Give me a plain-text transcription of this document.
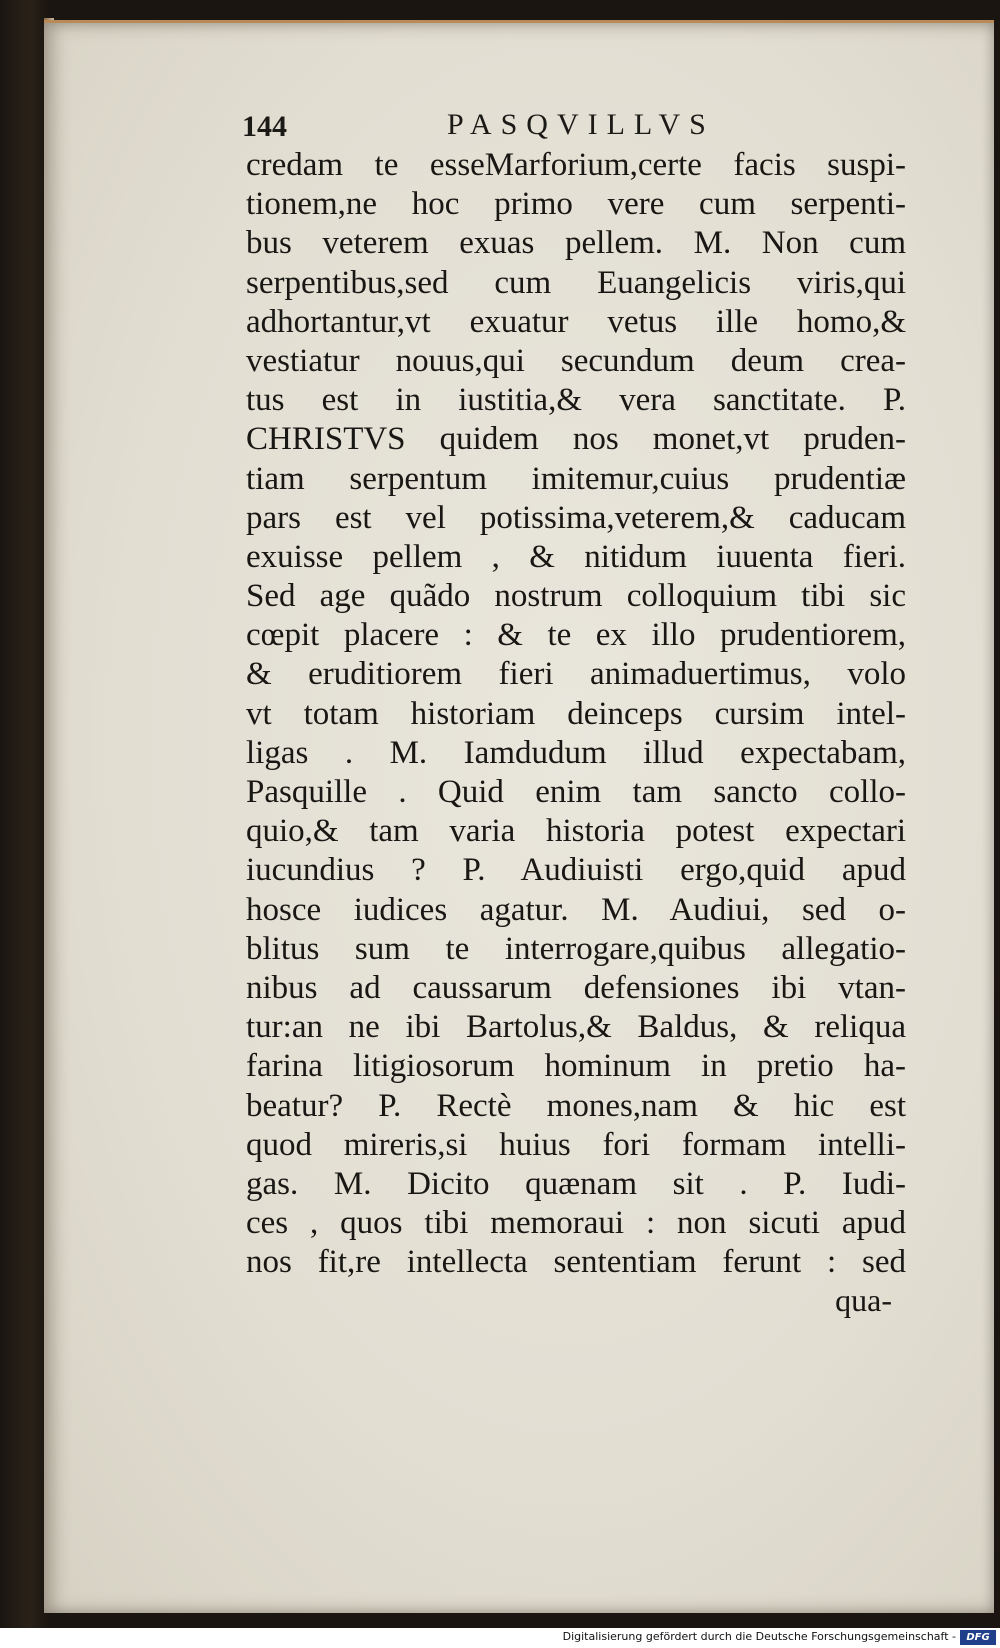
144	PASQVILLVS
credam te esseMarforium,certe facis suspi-
tionem,ne hoc primo vere cum serpenti-
bus veterem exuas pellem. M. Non cum
serpentibus,sed cum Euangelicis viris,qui
adhortantur,vt exuatur vetus ille homo,&
vestiatur nouus,qui secundum deum crea-
tus est in iustitia,& vera sanctitate. P.
CHRISTVS quidem nos monet,vt pruden-
tiam serpentum imitemur,cuius prudentiæ
pars est vel potissima,veterem,& caducam
exuisse pellem , & nitidum iuuenta fieri.
Sed age quãdo nostrum colloquium tibi sic
cœpit placere : & te ex illo prudentiorem,
& eruditiorem fieri animaduertimus, volo
vt totam historiam deinceps cursim intel-
ligas . M. Iamdudum illud expectabam,
Pasquille . Quid enim tam sancto collo-
quio,& tam varia historia potest expectari
iucundius ? P. Audiuisti ergo,quid apud
hosce iudices agatur. M. Audiui, sed o-
blitus sum te interrogare,quibus allegatio-
nibus ad caussarum defensiones ibi vtan-
tur:an ne ibi Bartolus,& Baldus, & reliqua
farina litigiosorum hominum in pretio ha-
beatur? P. Rectè mones,nam & hic est
quod mireris,si huius fori formam intelli-
gas. M. Dicito quænam sit . P. Iudi-
ces , quos tibi memoraui : non sicuti apud
nos fit,re intellecta sententiam ferunt : sed
qua-
Digitalisierung gefördert durch die Deutsche Forschungsgemeinschaft -	DFG
